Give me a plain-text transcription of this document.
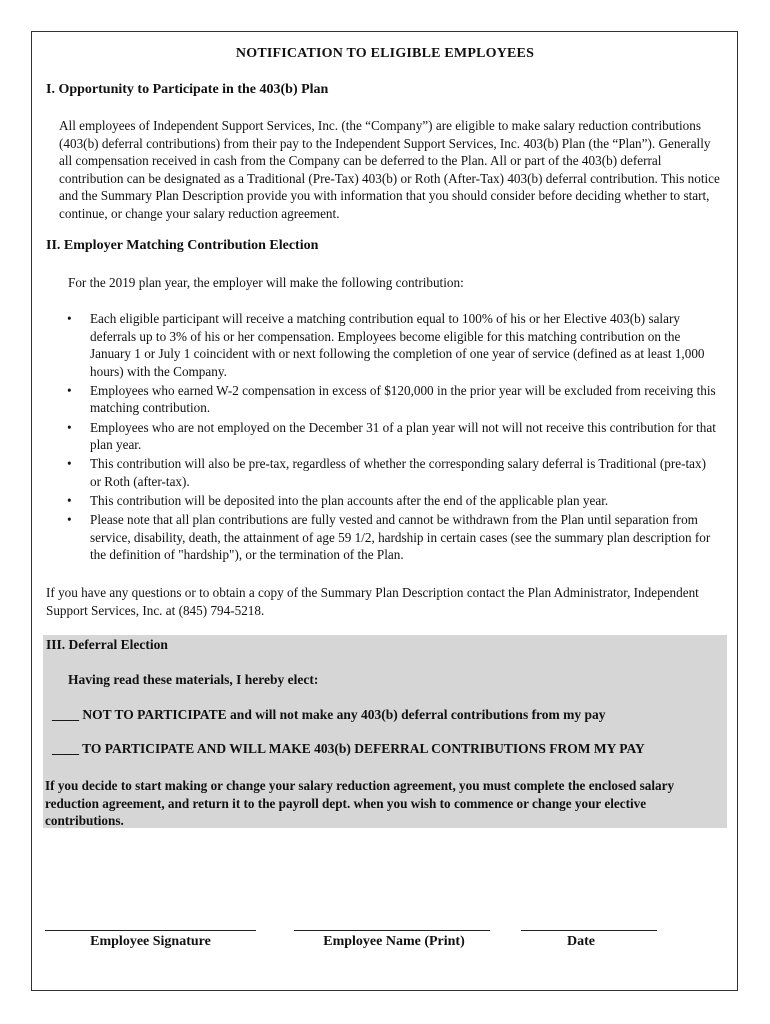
NOTIFICATION TO ELIGIBLE EMPLOYEES
I. Opportunity to Participate in the 403(b) Plan
All employees of Independent Support Services, Inc. (the “Company”) are eligible to make salary reduction contributions (403(b) deferral contributions) from their pay to the Independent Support Services, Inc. 403(b) Plan (the “Plan”). Generally all compensation received in cash from the Company can be deferred to the Plan. All or part of the 403(b) deferral contribution can be designated as a Traditional (Pre-Tax) 403(b) or Roth (After-Tax) 403(b) deferral contribution. This notice and the Summary Plan Description provide you with information that you should consider before deciding whether to start, continue, or change your salary reduction agreement.
II. Employer Matching Contribution Election
For the 2019 plan year, the employer will make the following contribution:
• Each eligible participant will receive a matching contribution equal to 100% of his or her Elective 403(b) salary deferrals up to 3% of his or her compensation. Employees become eligible for this matching contribution on the January 1 or July 1 coincident with or next following the completion of one year of service (defined as at least 1,000 hours) with the Company.
• Employees who earned W-2 compensation in excess of $120,000 in the prior year will be excluded from receiving this matching contribution.
• Employees who are not employed on the December 31 of a plan year will not will not receive this contribution for that plan year.
• This contribution will also be pre-tax, regardless of whether the corresponding salary deferral is Traditional (pre-tax) or Roth (after-tax).
• This contribution will be deposited into the plan accounts after the end of the applicable plan year.
• Please note that all plan contributions are fully vested and cannot be withdrawn from the Plan until separation from service, disability, death, the attainment of age 59 1/2, hardship in certain cases (see the summary plan description for the definition of "hardship"), or the termination of the Plan.
If you have any questions or to obtain a copy of the Summary Plan Description contact the Plan Administrator, Independent Support Services, Inc. at (845) 794-5218.
III. Deferral Election
Having read these materials, I hereby elect:
____ NOT TO PARTICIPATE and will not make any 403(b) deferral contributions from my pay
____ TO PARTICIPATE AND WILL MAKE 403(b) DEFERRAL CONTRIBUTIONS FROM MY PAY
If you decide to start making or change your salary reduction agreement, you must complete the enclosed salary reduction agreement, and return it to the payroll dept. when you wish to commence or change your elective contributions.
Employee Signature	Employee Name (Print)	Date
